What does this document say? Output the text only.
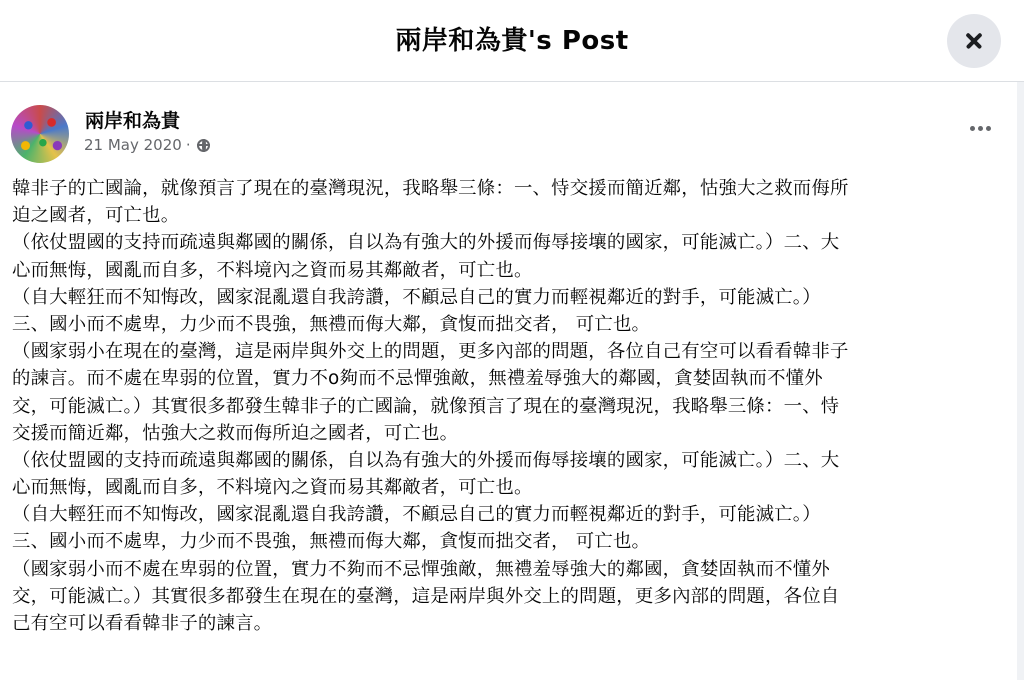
兩岸和為貴's Post
兩岸和為貴
21 May 2020 ·
韓非子的亡國論，就像預言了現在的臺灣現況，我略舉三條：一、恃交援而簡近鄰，怙強大之救而侮所
迫之國者，可亡也。
（依仗盟國的支持而疏遠與鄰國的關係，自以為有強大的外援而侮辱接壤的國家，可能滅亡。）二、大
心而無悔，國亂而自多，不料境內之資而易其鄰敵者，可亡也。
（自大輕狂而不知悔改，國家混亂還自我誇讚，不顧忌自己的實力而輕視鄰近的對手，可能滅亡。）
三、國小而不處卑，力少而不畏強，無禮而侮大鄰，貪愎而拙交者， 可亡也。
（國家弱小在現在的臺灣，這是兩岸與外交上的問題，更多內部的問題，各位自己有空可以看看韓非子
的諫言。而不處在卑弱的位置，實力不o夠而不忌憚強敵，無禮羞辱強大的鄰國，貪婪固執而不懂外
交，可能滅亡。）其實很多都發生韓非子的亡國論，就像預言了現在的臺灣現況，我略舉三條：一、恃
交援而簡近鄰，怙強大之救而侮所迫之國者，可亡也。
（依仗盟國的支持而疏遠與鄰國的關係，自以為有強大的外援而侮辱接壤的國家，可能滅亡。）二、大
心而無悔，國亂而自多，不料境內之資而易其鄰敵者，可亡也。
（自大輕狂而不知悔改，國家混亂還自我誇讚，不顧忌自己的實力而輕視鄰近的對手，可能滅亡。）
三、國小而不處卑，力少而不畏強，無禮而侮大鄰，貪愎而拙交者， 可亡也。
（國家弱小而不處在卑弱的位置，實力不夠而不忌憚強敵，無禮羞辱強大的鄰國，貪婪固執而不懂外
交，可能滅亡。）其實很多都發生在現在的臺灣，這是兩岸與外交上的問題，更多內部的問題，各位自
己有空可以看看韓非子的諫言。
